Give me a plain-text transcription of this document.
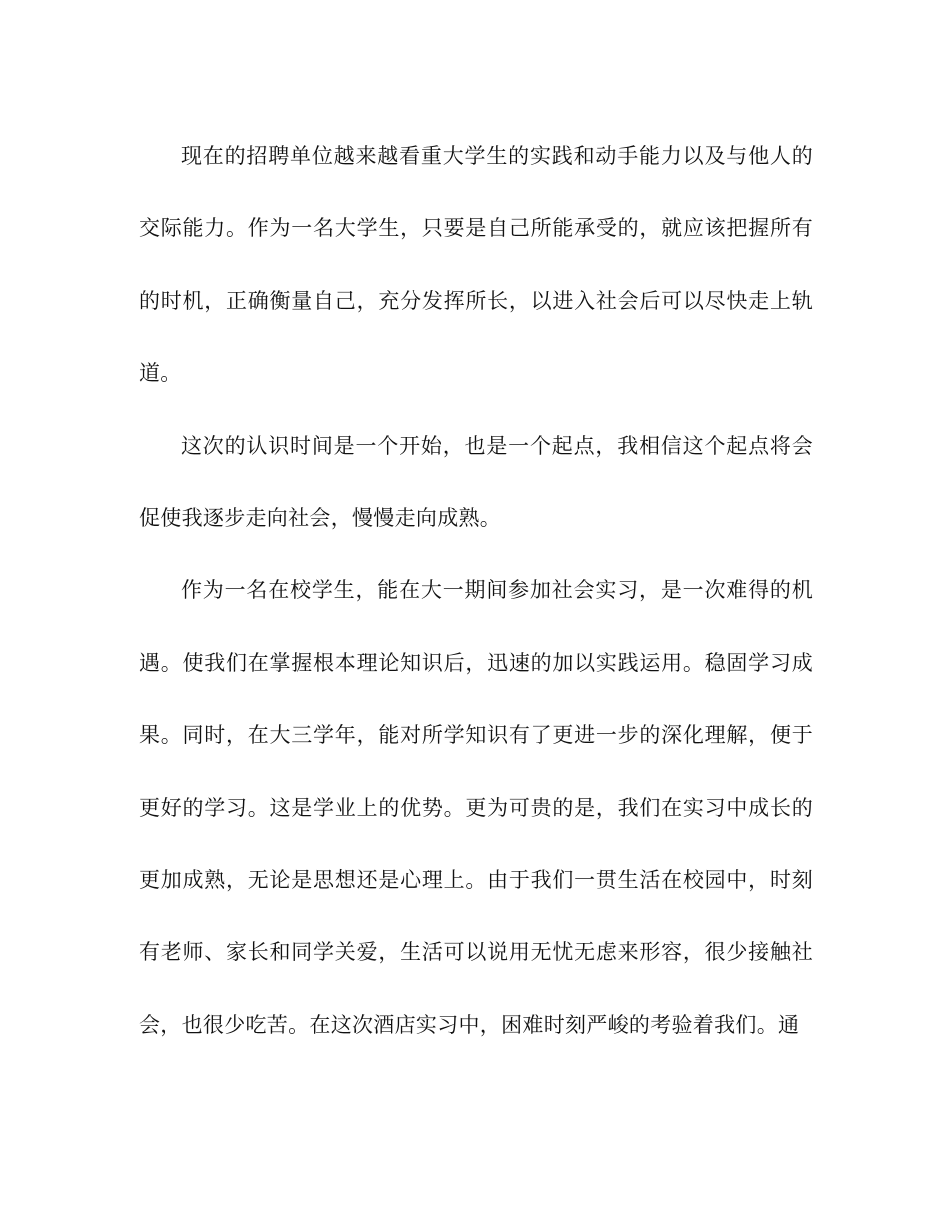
现在的招聘单位越来越看重大学生的实践和动手能力以及与他人的交际能力。作为一名大学生，只要是自己所能承受的，就应该把握所有的时机，正确衡量自己，充分发挥所长，以进入社会后可以尽快走上轨道。

这次的认识时间是一个开始，也是一个起点，我相信这个起点将会促使我逐步走向社会，慢慢走向成熟。

作为一名在校学生，能在大一期间参加社会实习，是一次难得的机遇。使我们在掌握根本理论知识后，迅速的加以实践运用。稳固学习成果。同时，在大三学年，能对所学知识有了更进一步的深化理解，便于更好的学习。这是学业上的优势。更为可贵的是，我们在实习中成长的更加成熟，无论是思想还是心理上。由于我们一贯生活在校园中，时刻有老师、家长和同学关爱，生活可以说用无忧无虑来形容，很少接触社会，也很少吃苦。在这次酒店实习中，困难时刻严峻的考验着我们。通
